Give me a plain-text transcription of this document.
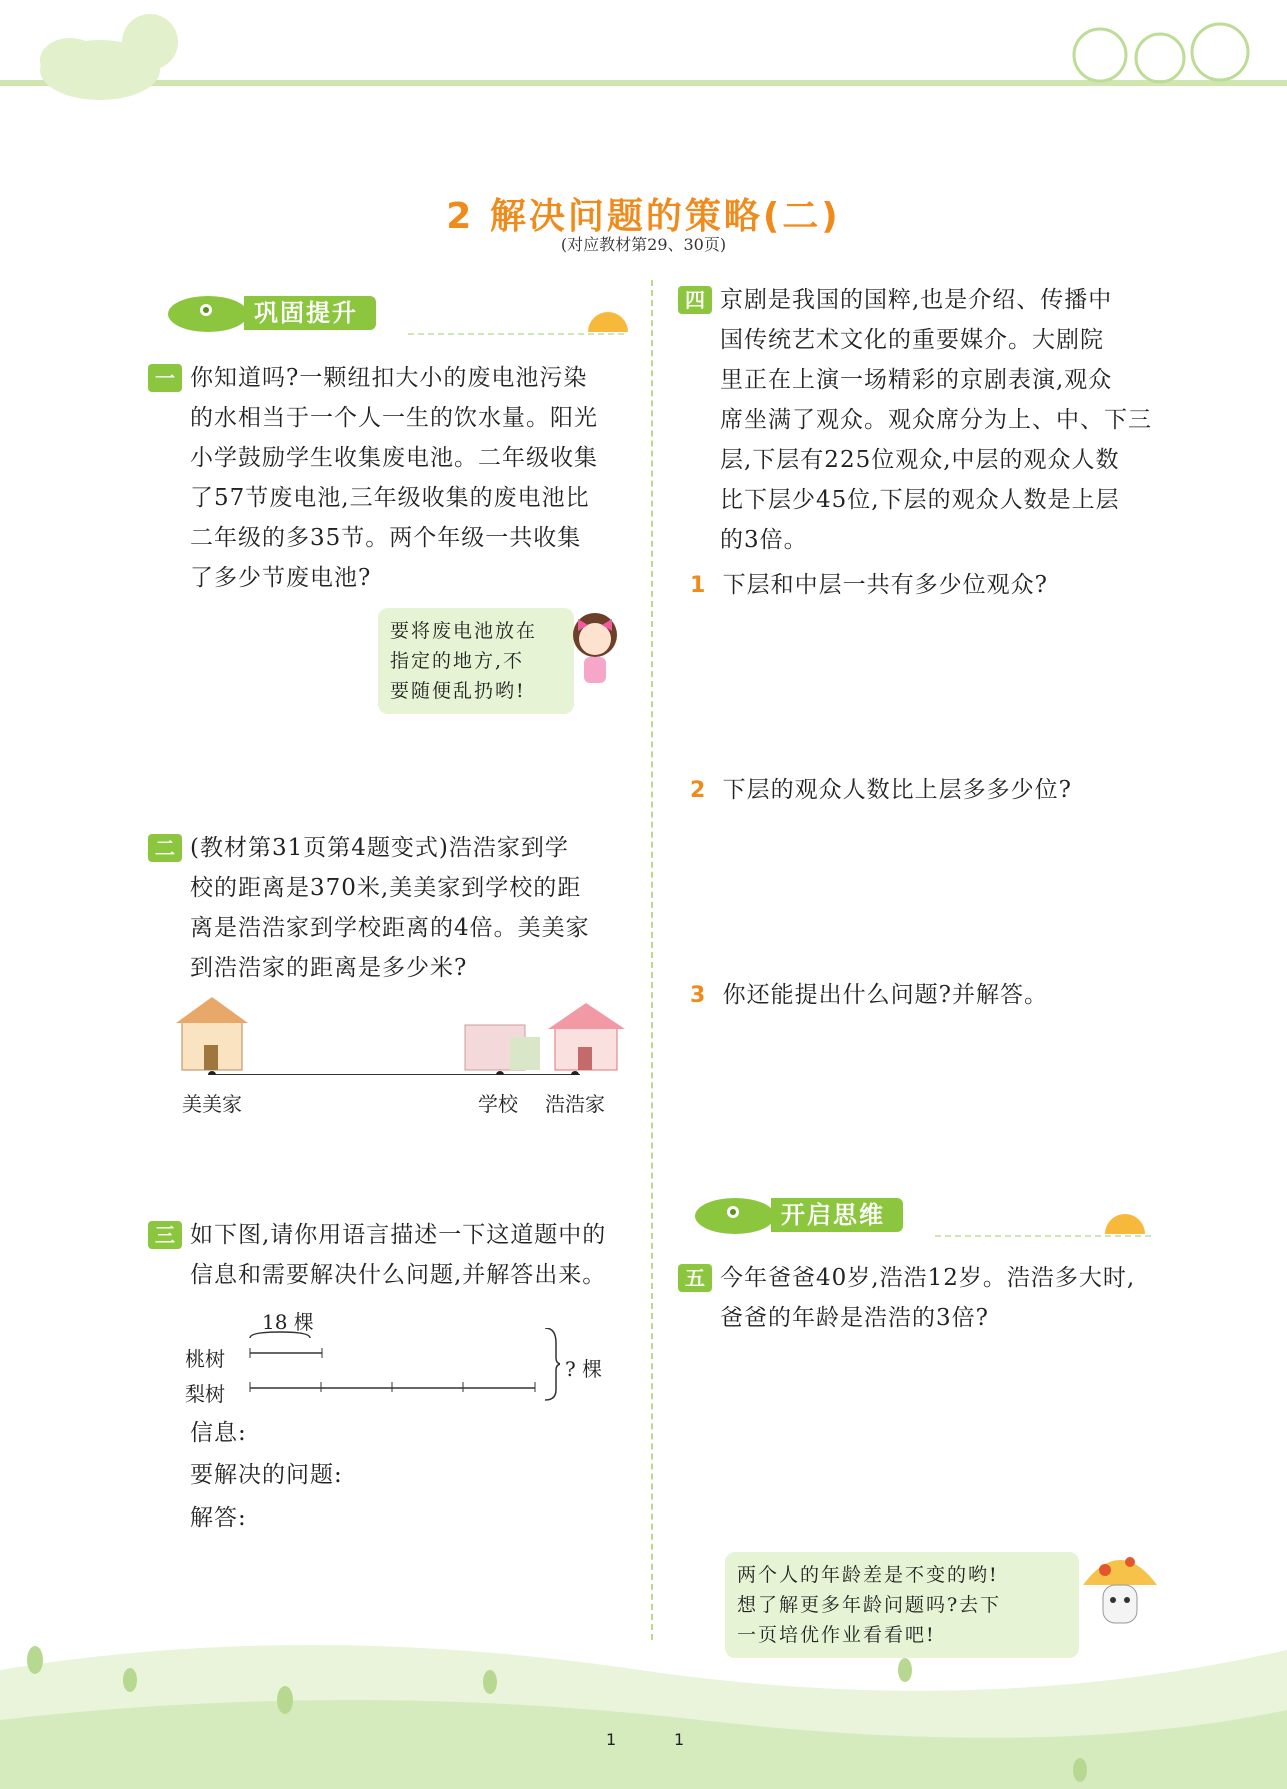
2 解决问题的策略(二)
(对应教材第29、30页)
巩固提升
一 你知道吗?一颗纽扣大小的废电池污染
的水相当于一个人一生的饮水量。阳光
小学鼓励学生收集废电池。二年级收集
了57节废电池,三年级收集的废电池比
二年级的多35节。两个年级一共收集
了多少节废电池?
要将废电池放在
指定的地方,不
要随便乱扔哟!
二 (教材第31页第4题变式)浩浩家到学
校的距离是370米,美美家到学校的距
离是浩浩家到学校距离的4倍。美美家
到浩浩家的距离是多少米?
美美家	学校 浩浩家
三 如下图,请你用语言描述一下这道题中的
信息和需要解决什么问题,并解答出来。
18 棵
桃树
梨树
? 棵
信息:
要解决的问题:
解答:
四 京剧是我国的国粹,也是介绍、传播中
国传统艺术文化的重要媒介。大剧院
里正在上演一场精彩的京剧表演,观众
席坐满了观众。观众席分为上、中、下三
层,下层有225位观众,中层的观众人数
比下层少45位,下层的观众人数是上层
的3倍。
1 下层和中层一共有多少位观众?
2 下层的观众人数比上层多多少位?
3 你还能提出什么问题?并解答。
开启思维
五 今年爸爸40岁,浩浩12岁。浩浩多大时,
爸爸的年龄是浩浩的3倍?
两个人的年龄差是不变的哟!
想了解更多年龄问题吗?去下
一页培优作业看看吧!
1	1
